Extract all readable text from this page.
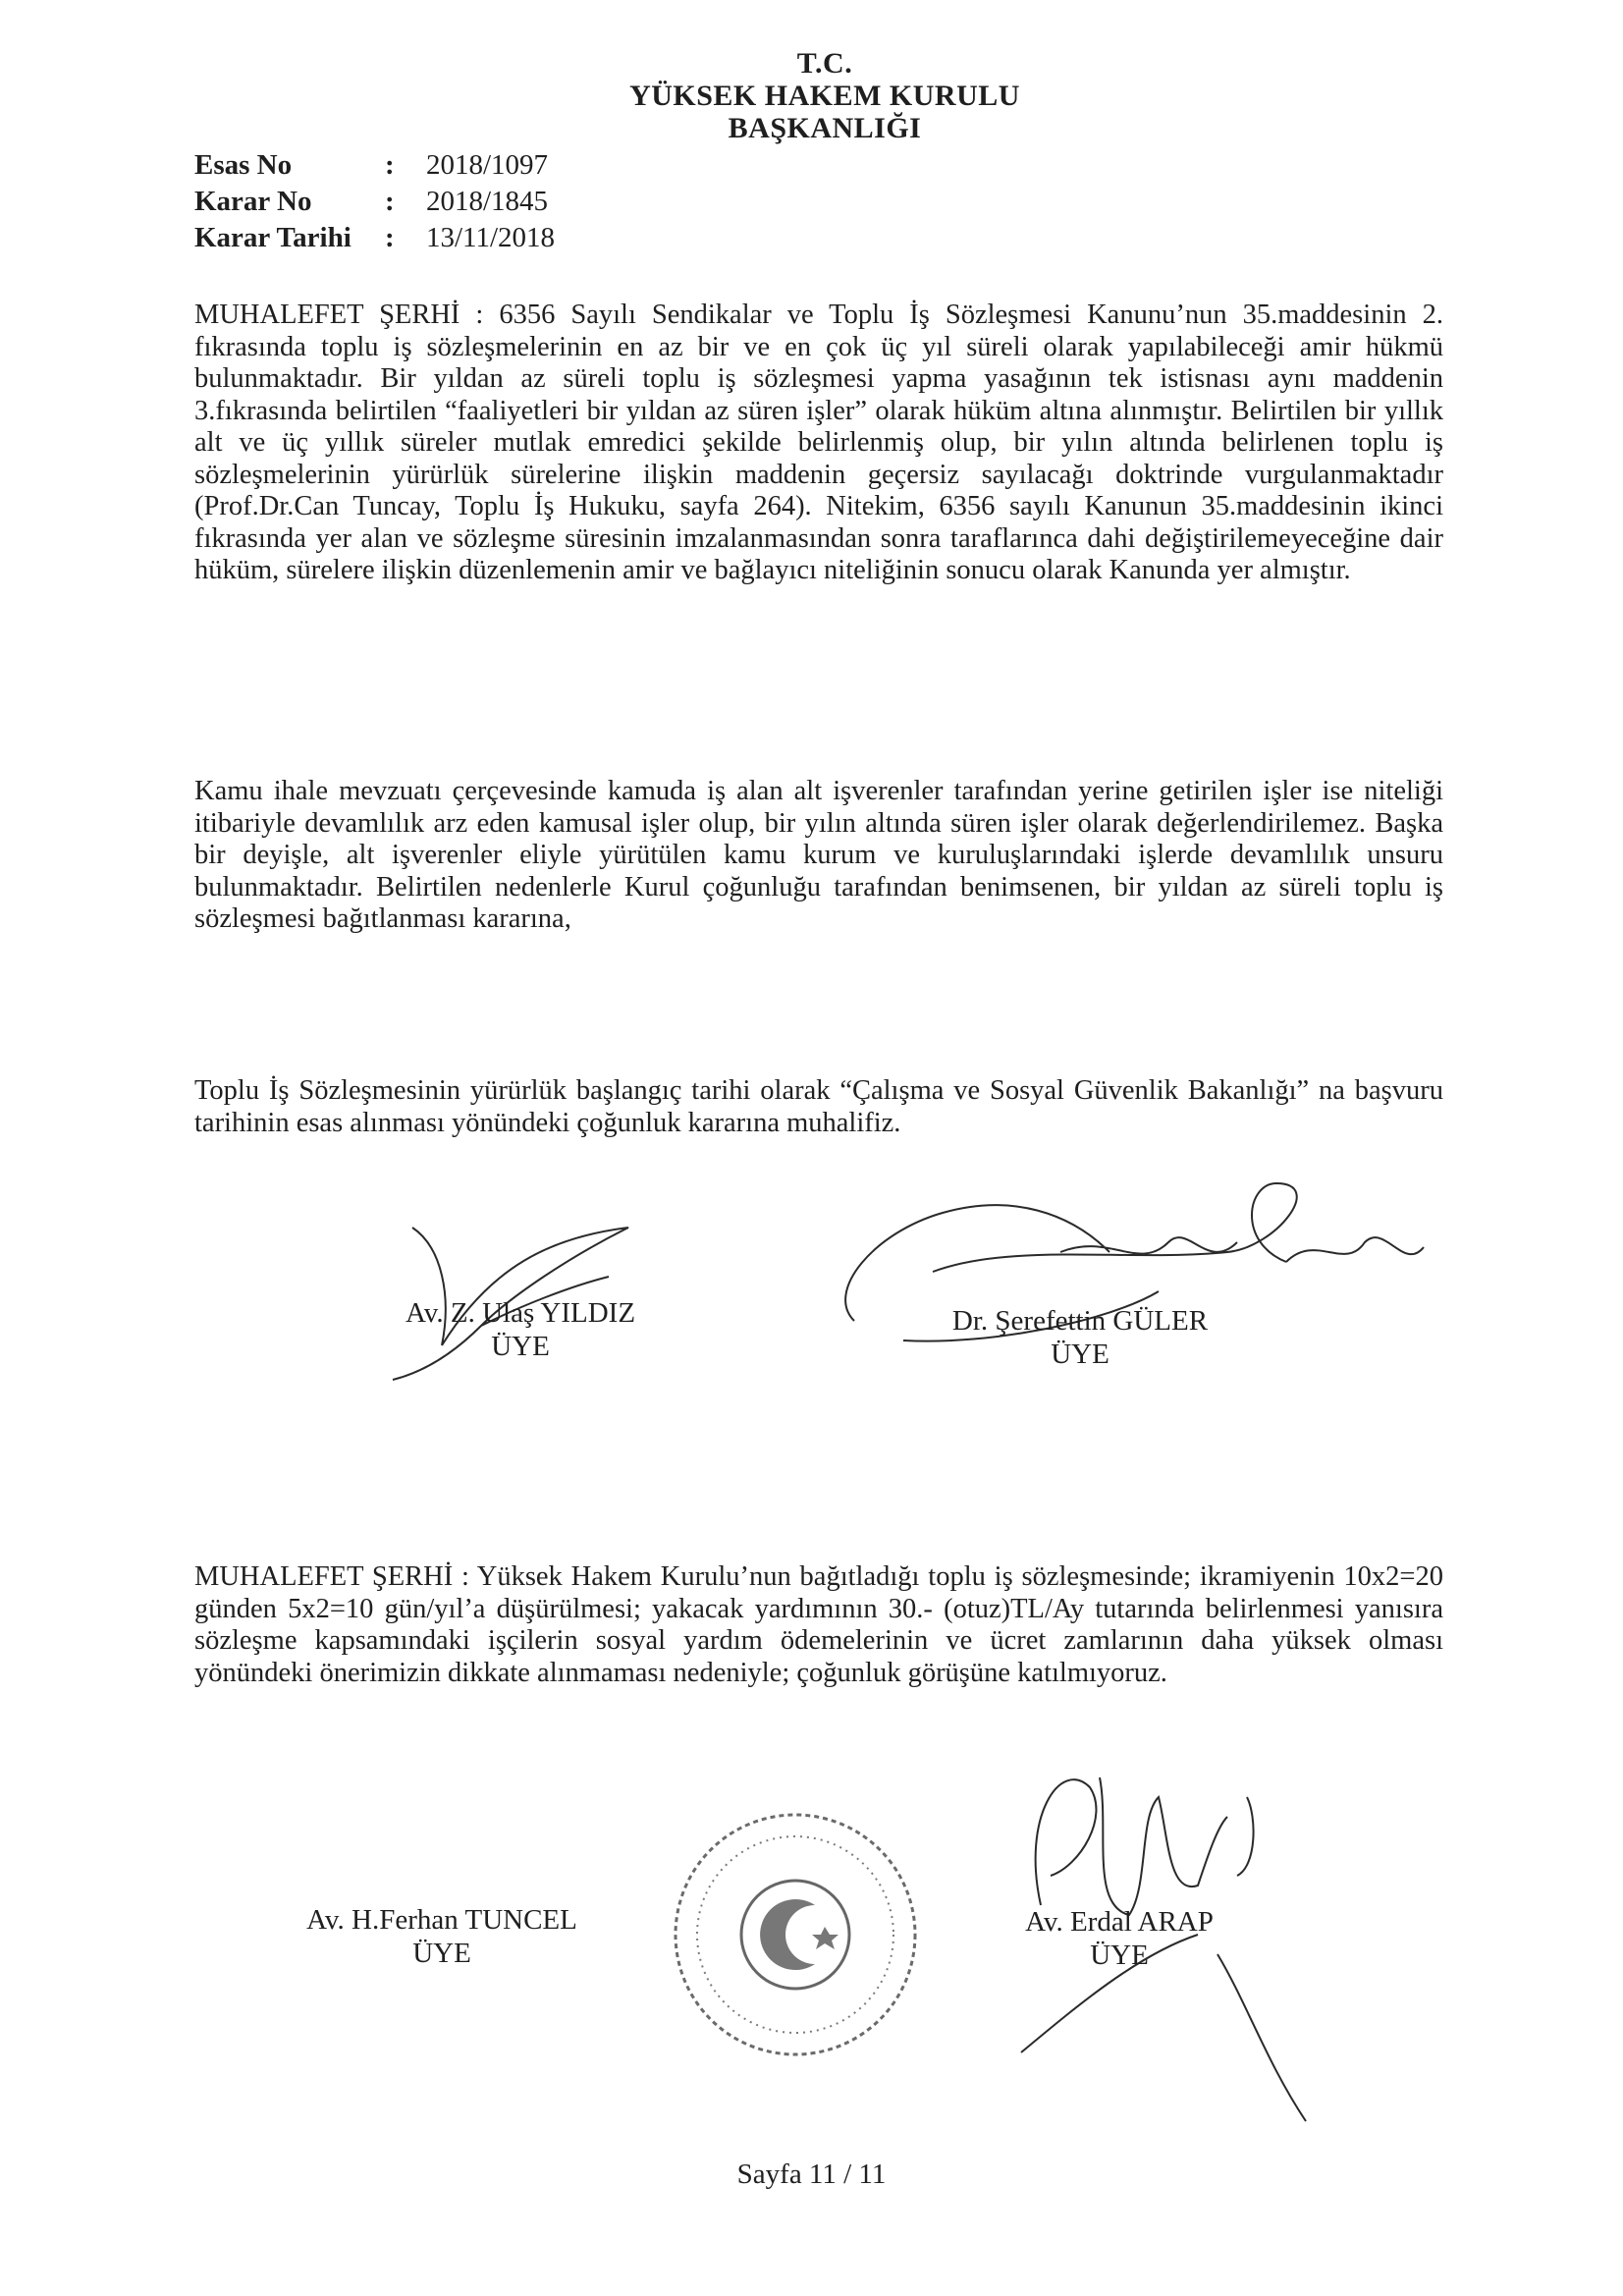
T.C.
YÜKSEK HAKEM KURULU
BAŞKANLIĞI
Esas No	:	2018/1097
Karar No	:	2018/1845
Karar Tarihi	:	13/11/2018

MUHALEFET ŞERHİ : 6356 Sayılı Sendikalar ve Toplu İş Sözleşmesi Kanunu’nun 35.maddesinin 2. fıkrasında toplu iş sözleşmelerinin en az bir ve en çok üç yıl süreli olarak yapılabileceği amir hükmü bulunmaktadır. Bir yıldan az süreli toplu iş sözleşmesi yapma yasağının tek istisnası aynı maddenin 3.fıkrasında belirtilen “faaliyetleri bir yıldan az süren işler” olarak hüküm altına alınmıştır. Belirtilen bir yıllık alt ve üç yıllık süreler mutlak emredici şekilde belirlenmiş olup, bir yılın altında belirlenen toplu iş sözleşmelerinin yürürlük sürelerine ilişkin maddenin geçersiz sayılacağı doktrinde vurgulanmaktadır (Prof.Dr.Can Tuncay, Toplu İş Hukuku, sayfa 264). Nitekim, 6356 sayılı Kanunun 35.maddesinin ikinci fıkrasında yer alan ve sözleşme süresinin imzalanmasından sonra taraflarınca dahi değiştirilemeyeceğine dair hüküm, sürelere ilişkin düzenlemenin amir ve bağlayıcı niteliğinin sonucu olarak Kanunda yer almıştır.

Kamu ihale mevzuatı çerçevesinde kamuda iş alan alt işverenler tarafından yerine getirilen işler ise niteliği itibariyle devamlılık arz eden kamusal işler olup, bir yılın altında süren işler olarak değerlendirilemez. Başka bir deyişle, alt işverenler eliyle yürütülen kamu kurum ve kuruluşlarındaki işlerde devamlılık unsuru bulunmaktadır. Belirtilen nedenlerle Kurul çoğunluğu tarafından benimsenen, bir yıldan az süreli toplu iş sözleşmesi bağıtlanması kararına,

Toplu İş Sözleşmesinin yürürlük başlangıç tarihi olarak “Çalışma ve Sosyal Güvenlik Bakanlığı” na başvuru tarihinin esas alınması yönündeki çoğunluk kararına muhalifiz.

Av. Z. Ulaş YILDIZ
ÜYE
Dr. Şerefettin GÜLER
ÜYE

MUHALEFET ŞERHİ : Yüksek Hakem Kurulu’nun bağıtladığı toplu iş sözleşmesinde; ikramiyenin 10x2=20 günden 5x2=10 gün/yıl’a düşürülmesi; yakacak yardımının 30.- (otuz)TL/Ay tutarında belirlenmesi yanısıra sözleşme kapsamındaki işçilerin sosyal yardım ödemelerinin ve ücret zamlarının daha yüksek olması yönündeki önerimizin dikkate alınmaması nedeniyle; çoğunluk görüşüne katılmıyoruz.

Av. H.Ferhan TUNCEL
ÜYE
Av. Erdal ARAP
ÜYE
Sayfa 11 / 11
